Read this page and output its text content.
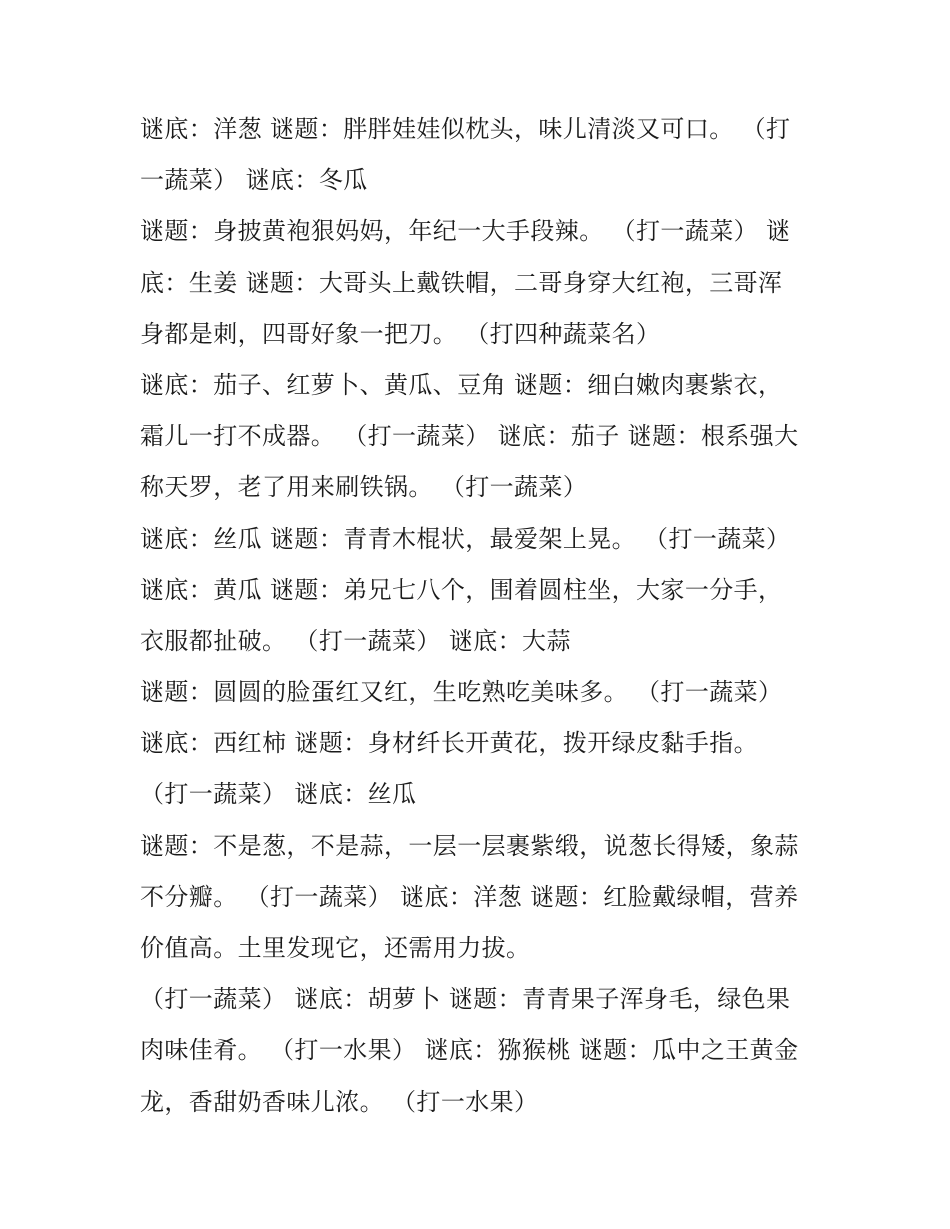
谜底：洋葱 谜题：胖胖娃娃似枕头，味儿清淡又可口。 （打
一蔬菜） 谜底：冬瓜
谜题：身披黄袍狠妈妈，年纪一大手段辣。 （打一蔬菜） 谜
底：生姜 谜题：大哥头上戴铁帽，二哥身穿大红袍，三哥浑
身都是刺，四哥好象一把刀。 （打四种蔬菜名）
谜底：茄子、红萝卜、黄瓜、豆角 谜题：细白嫩肉裹紫衣，
霜儿一打不成器。 （打一蔬菜） 谜底：茄子 谜题：根系强大
称天罗，老了用来刷铁锅。 （打一蔬菜）
谜底：丝瓜 谜题：青青木棍状，最爱架上晃。 （打一蔬菜）
谜底：黄瓜 谜题：弟兄七八个，围着圆柱坐，大家一分手，
衣服都扯破。 （打一蔬菜） 谜底：大蒜
谜题：圆圆的脸蛋红又红，生吃熟吃美味多。 （打一蔬菜）
谜底：西红柿 谜题：身材纤长开黄花，拨开绿皮黏手指。
（打一蔬菜） 谜底：丝瓜
谜题：不是葱，不是蒜，一层一层裹紫缎，说葱长得矮，象蒜
不分瓣。 （打一蔬菜） 谜底：洋葱 谜题：红脸戴绿帽，营养
价值高。土里发现它，还需用力拔。
（打一蔬菜） 谜底：胡萝卜 谜题：青青果子浑身毛，绿色果
肉味佳肴。 （打一水果） 谜底：猕猴桃 谜题：瓜中之王黄金
龙，香甜奶香味儿浓。 （打一水果）
